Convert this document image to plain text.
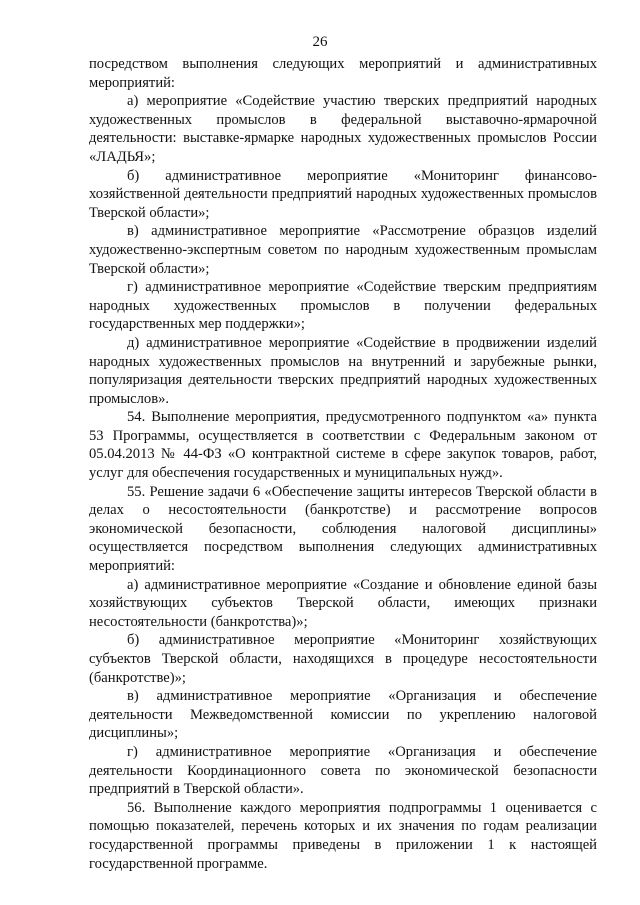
26

посредством выполнения следующих мероприятий и административных мероприятий:

а) мероприятие «Содействие участию тверских предприятий народных художественных промыслов в федеральной выставочно-ярмарочной деятельности: выставке-ярмарке народных художественных промыслов России «ЛАДЬЯ»;

б) административное мероприятие «Мониторинг финансово-хозяйственной деятельности предприятий народных художественных промыслов Тверской области»;

в) административное мероприятие «Рассмотрение образцов изделий художественно-экспертным советом по народным художественным промыслам Тверской области»;

г) административное мероприятие «Содействие тверским предприятиям народных художественных промыслов в получении федеральных государственных мер поддержки»;

д) административное мероприятие «Содействие в продвижении изделий народных художественных промыслов на внутренний и зарубежные рынки, популяризация деятельности тверских предприятий народных художественных промыслов».

54. Выполнение мероприятия, предусмотренного подпунктом «а» пункта 53 Программы, осуществляется в соответствии с Федеральным законом от 05.04.2013 № 44-ФЗ «О контрактной системе в сфере закупок товаров, работ, услуг для обеспечения государственных и муниципальных нужд».

55. Решение задачи 6 «Обеспечение защиты интересов Тверской области в делах о несостоятельности (банкротстве) и рассмотрение вопросов экономической безопасности, соблюдения налоговой дисциплины» осуществляется посредством выполнения следующих административных мероприятий:

а) административное мероприятие «Создание и обновление единой базы хозяйствующих субъектов Тверской области, имеющих признаки несостоятельности (банкротства)»;

б) административное мероприятие «Мониторинг хозяйствующих субъектов Тверской области, находящихся в процедуре несостоятельности (банкротстве)»;

в) административное мероприятие «Организация и обеспечение деятельности Межведомственной комиссии по укреплению налоговой дисциплины»;

г) административное мероприятие «Организация и обеспечение деятельности Координационного совета по экономической безопасности предприятий в Тверской области».

56. Выполнение каждого мероприятия подпрограммы 1 оценивается с помощью показателей, перечень которых и их значения по годам реализации государственной программы приведены в приложении 1 к настоящей государственной программе.
